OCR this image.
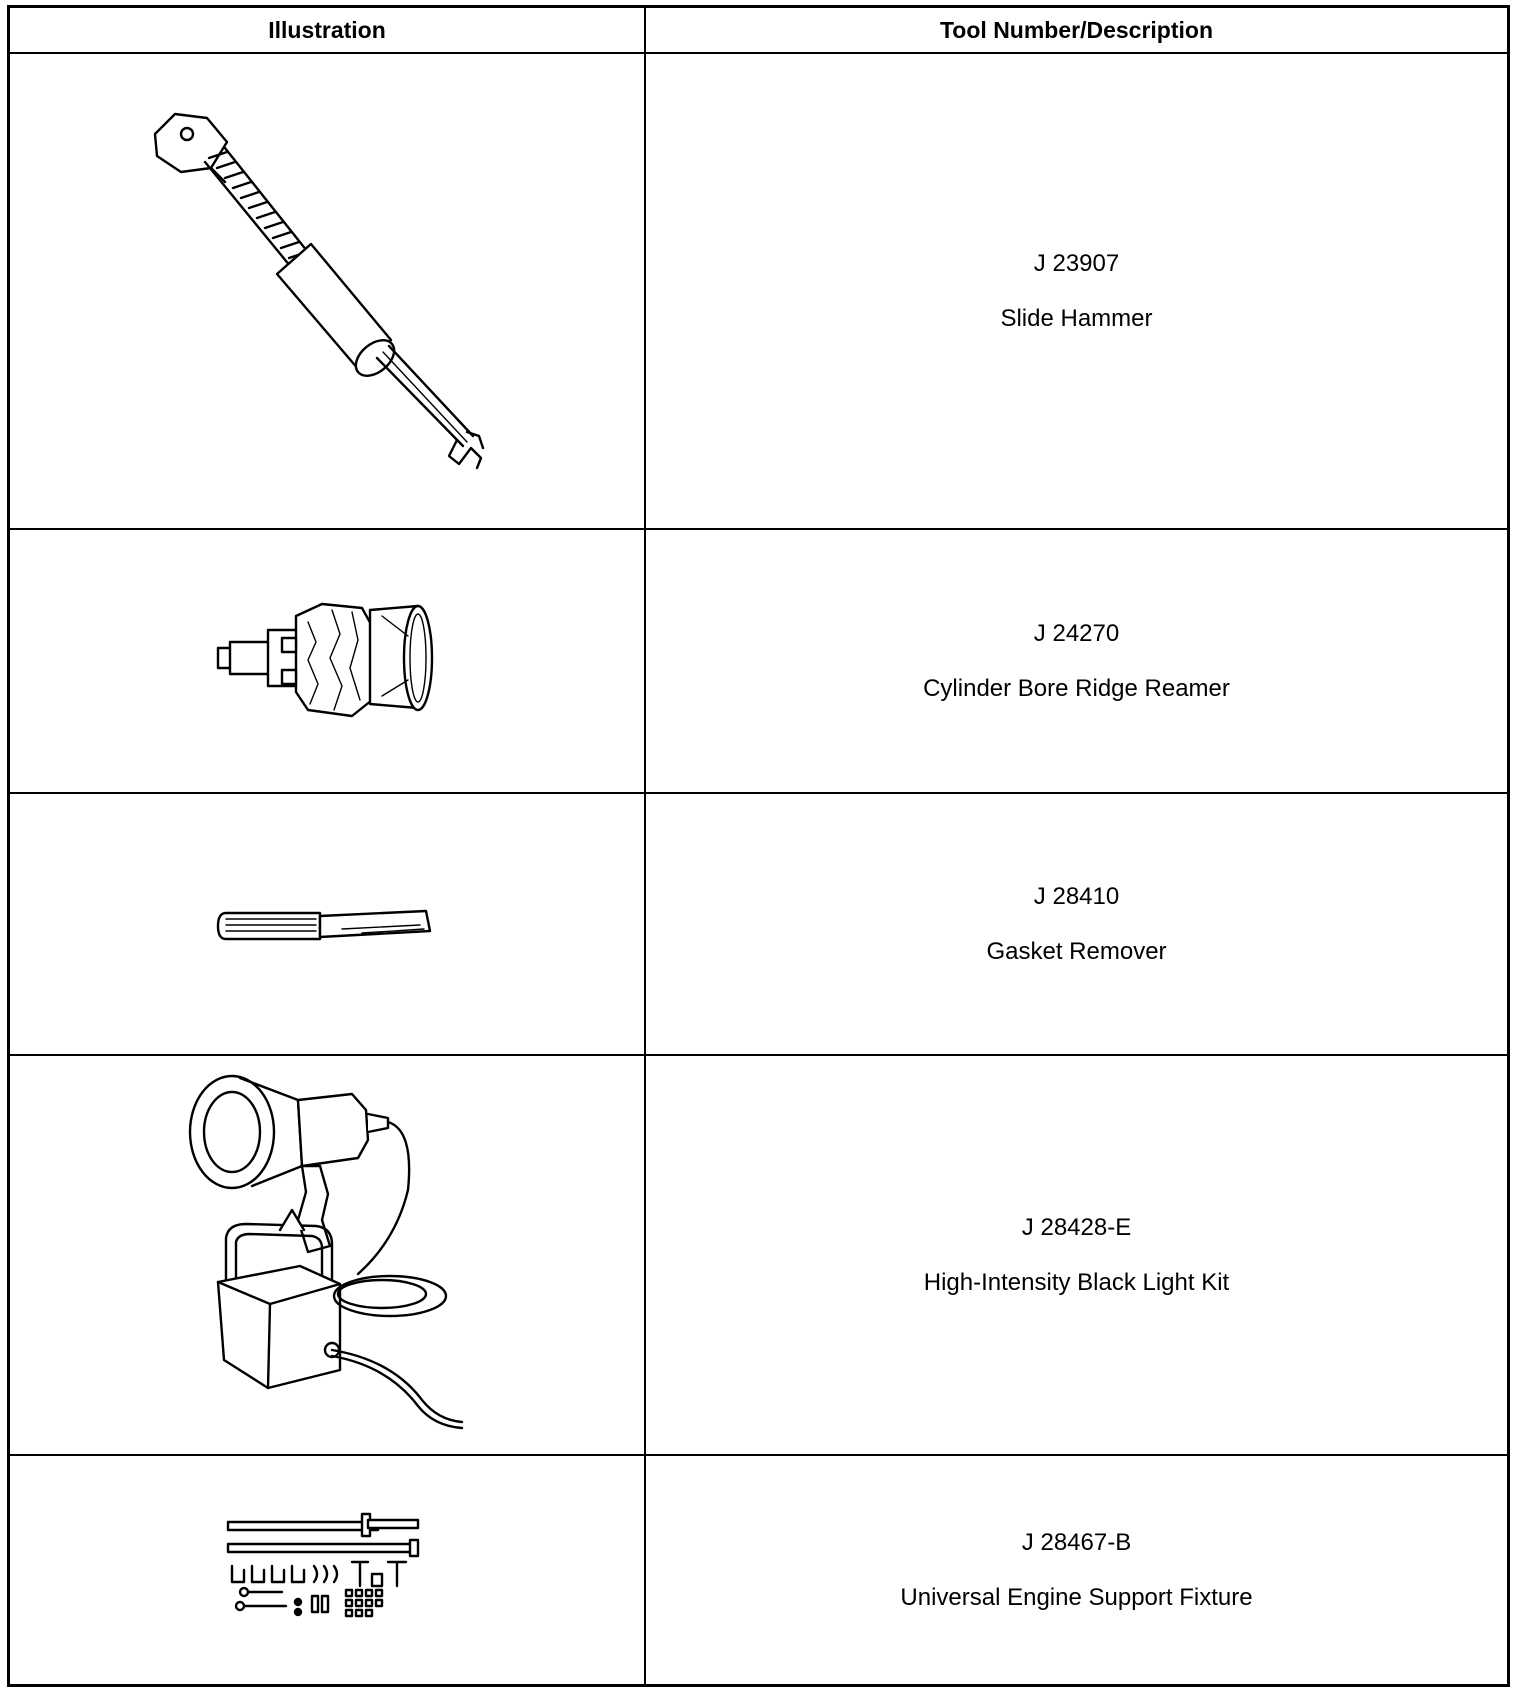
Illustration	Tool Number/Description
J 23907
Slide Hammer
J 24270
Cylinder Bore Ridge Reamer
J 28410
Gasket Remover
J 28428-E
High-Intensity Black Light Kit
J 28467-B
Universal Engine Support Fixture
